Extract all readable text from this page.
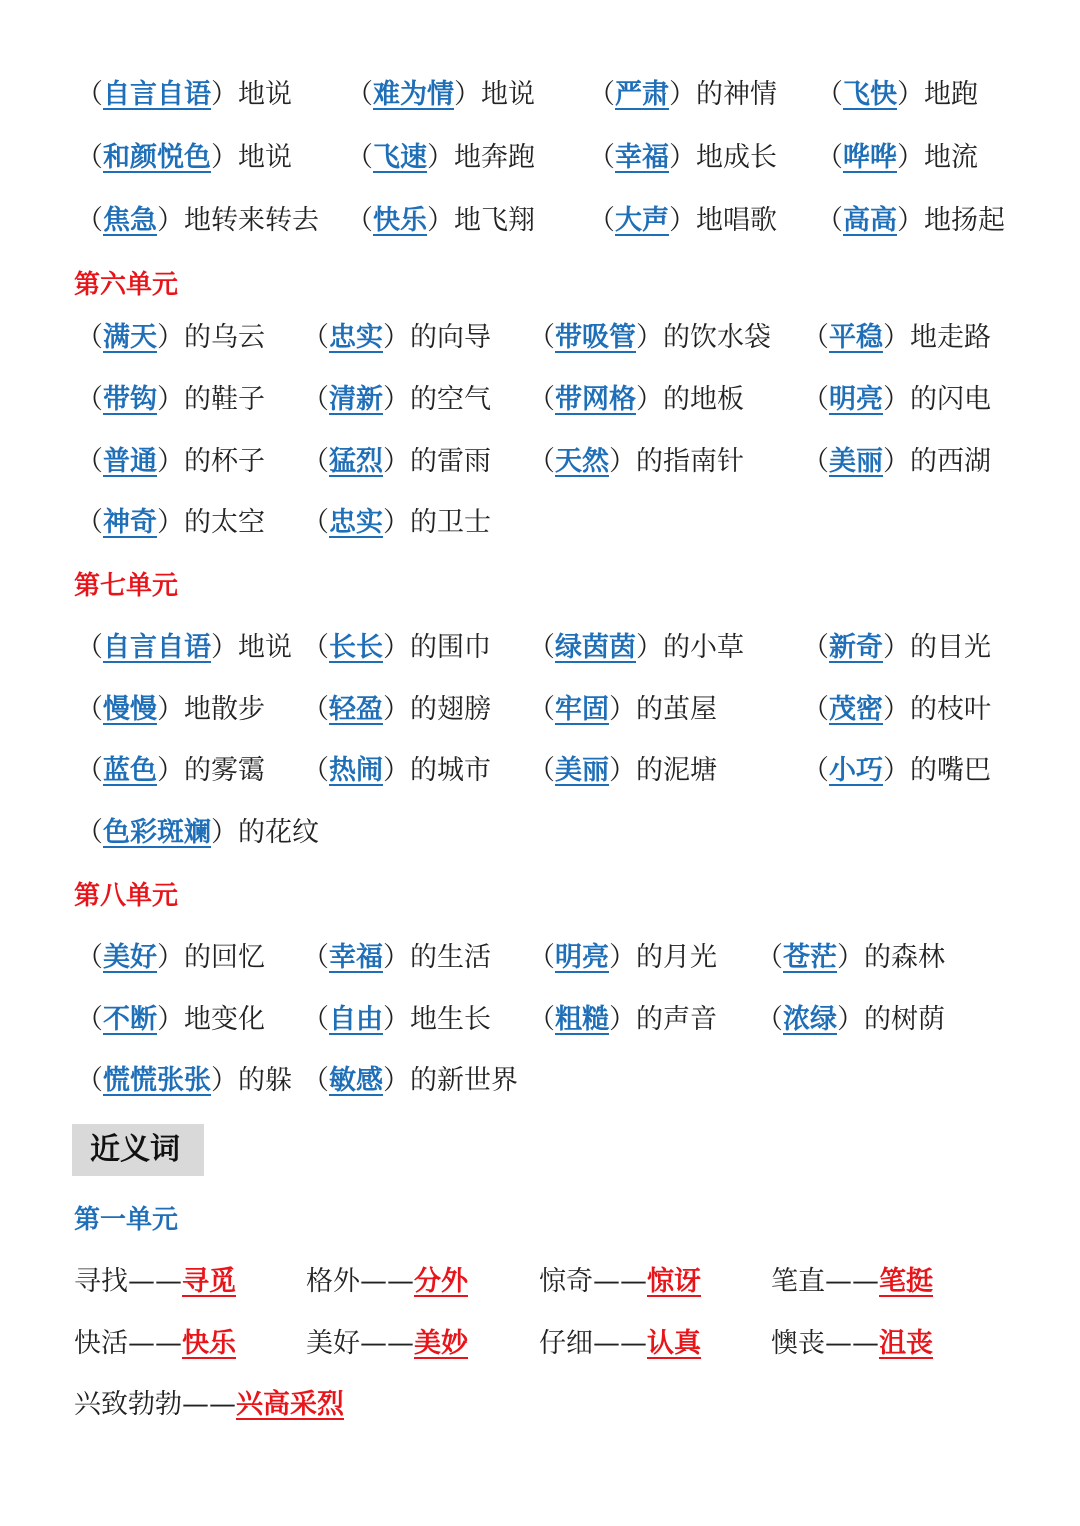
（自言自语）地说 （难为情）地说 （严肃）的神情 （飞快）地跑
（和颜悦色）地说 （飞速）地奔跑 （幸福）地成长 （哗哗）地流
（焦急）地转来转去 （快乐）地飞翔 （大声）地唱歌 （高高）地扬起
第六单元
（满天）的乌云 （忠实）的向导 （带吸管）的饮水袋 （平稳）地走路
（带钩）的鞋子 （清新）的空气 （带网格）的地板 （明亮）的闪电
（普通）的杯子 （猛烈）的雷雨 （天然）的指南针 （美丽）的西湖
（神奇）的太空 （忠实）的卫士
第七单元
（自言自语）地说 （长长）的围巾 （绿茵茵）的小草 （新奇）的目光
（慢慢）地散步 （轻盈）的翅膀 （牢固）的茧屋	（茂密）的枝叶
（蓝色）的雾霭 （热闹）的城市 （美丽）的泥塘	（小巧）的嘴巴
（色彩斑斓）的花纹
第八单元
（美好）的回忆 （幸福）的生活 （明亮）的月光 （苍茫）的森林
（不断）地变化 （自由）地生长 （粗糙）的声音 （浓绿）的树荫
（慌慌张张）的躲 （敏感）的新世界
近义词
第一单元
寻找——寻觅	格外——分外	惊奇——惊讶	笔直——笔挺
快活——快乐	美好——美妙	仔细——认真	懊丧——沮丧
兴致勃勃——兴高采烈
